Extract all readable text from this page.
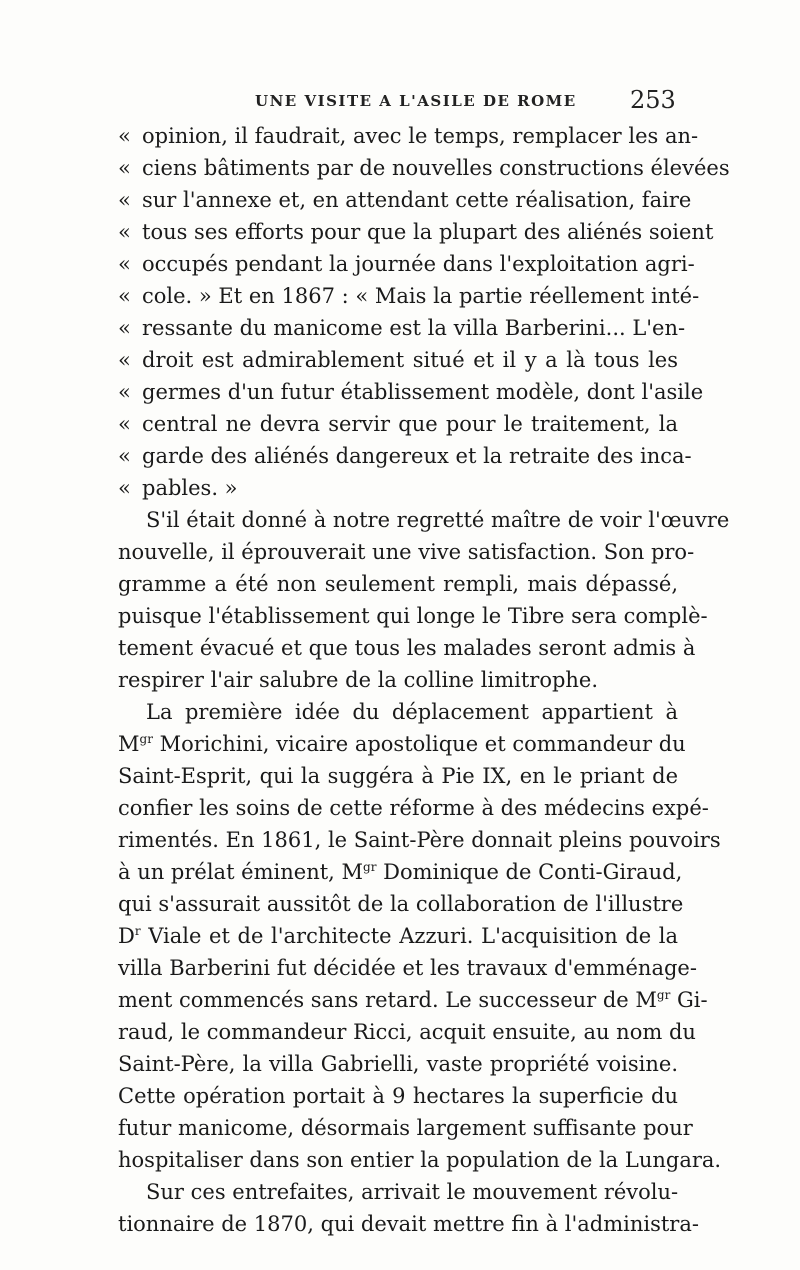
UNE VISITE A L'ASILE DE ROME 253
« opinion, il faudrait, avec le temps, remplacer les an-
« ciens bâtiments par de nouvelles constructions élevées
« sur l'annexe et, en attendant cette réalisation, faire
« tous ses efforts pour que la plupart des aliénés soient
« occupés pendant la journée dans l'exploitation agri-
« cole. » Et en 1867 : « Mais la partie réellement inté-
« ressante du manicome est la villa Barberini... L'en-
« droit est admirablement situé et il y a là tous les
« germes d'un futur établissement modèle, dont l'asile
« central ne devra servir que pour le traitement, la
« garde des aliénés dangereux et la retraite des inca-
« pables. »
S'il était donné à notre regretté maître de voir l'œuvre
nouvelle, il éprouverait une vive satisfaction. Son pro-
gramme a été non seulement rempli, mais dépassé,
puisque l'établissement qui longe le Tibre sera complè-
tement évacué et que tous les malades seront admis à
respirer l'air salubre de la colline limitrophe.
La première idée du déplacement appartient à
$M^{gr}$ Morichini, vicaire apostolique et commandeur du
Saint-Esprit, qui la suggéra à Pie IX, en le priant de
confier les soins de cette réforme à des médecins expé-
rimentés. En 1861, le Saint-Père donnait pleins pouvoirs
à un prélat éminent, $M^{gr}$ Dominique de Conti-Giraud,
qui s'assurait aussitôt de la collaboration de l'illustre
$D^r$ Viale et de l'architecte Azzuri. L'acquisition de la
villa Barberini fut décidée et les travaux d'emménage-
ment commencés sans retard. Le successeur de $M^{gr}$ Gi-
raud, le commandeur Ricci, acquit ensuite, au nom du
Saint-Père, la villa Gabrielli, vaste propriété voisine.
Cette opération portait à 9 hectares la superficie du
futur manicome, désormais largement suffisante pour
hospitaliser dans son entier la population de la Lungara.
Sur ces entrefaites, arrivait le mouvement révolu-
tionnaire de 1870, qui devait mettre fin à l'administra-
